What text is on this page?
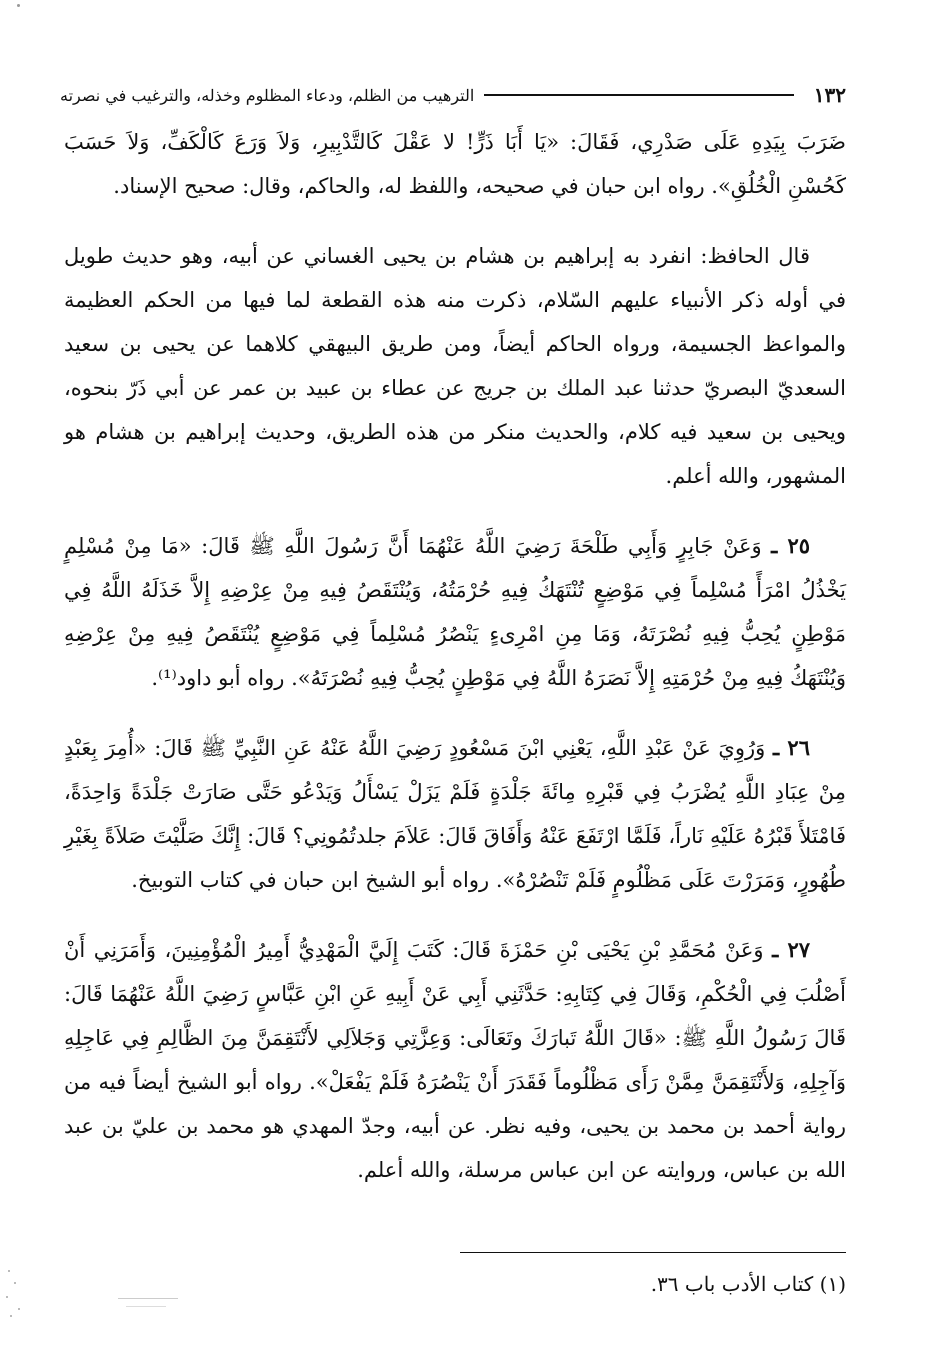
١٣٢
الترهيب من الظلم، ودعاء المظلوم وخذله، والترغيب في نصرته

ضَرَبَ بِيَدِهِ عَلَى صَدْرِي، فَقَالَ: «يَا أَبَا ذَرٍّ! لا عَقْلَ كَالتَّدْبِيرِ، وَلاَ وَرَعَ كَالْكَفِّ، وَلاَ حَسَبَ كَحُسْنِ الْخُلُقِ». رواه ابن حبان في صحيحه، واللفظ له، والحاكم، وقال: صحيح الإسناد.

قال الحافظ: انفرد به إبراهيم بن هشام بن يحيى الغساني عن أبيه، وهو حديث طويل في أوله ذكر الأنبياء عليهم السّلام، ذكرت منه هذه القطعة لما فيها من الحكم العظيمة والمواعظ الجسيمة، ورواه الحاكم أيضاً، ومن طريق البيهقي كلاهما عن يحيى بن سعيد السعديّ البصريّ حدثنا عبد الملك بن جريج عن عطاء بن عبيد بن عمر عن أبي ذَرّ بنحوه، ويحيى بن سعيد فيه كلام، والحديث منكر من هذه الطريق، وحديث إبراهيم بن هشام هو المشهور، والله أعلم.

٢٥ ـ وَعَنْ جَابِرٍ وَأَبِي طَلْحَةَ رَضِيَ اللَّهُ عَنْهُمَا أَنَّ رَسُولَ اللَّهِ ﷺ قَالَ: «مَا مِنْ مُسْلِمٍ يَخْذُلُ امْرَأً مُسْلِماً فِي مَوْضِعٍ تُنْتَهَكُ فِيهِ حُرْمَتُهُ، وَيُنْتَقَصُ فِيهِ مِنْ عِرْضِهِ إِلاَّ خَذَلَهُ اللَّهُ فِي مَوْطِنٍ يُحِبُّ فِيهِ نُصْرَتَهُ، وَمَا مِنِ امْرِىءٍ يَنْصُرُ مُسْلِماً فِي مَوْضِعٍ يُنْتَقَصُ فِيهِ مِنْ عِرْضِهِ وَيُنْتَهَكُ فِيهِ مِنْ حُرْمَتِهِ إِلاَّ نَصَرَهُ اللَّهُ فِي مَوْطِنٍ يُحِبُّ فِيهِ نُصْرَتَهُ». رواه أبو داود⁽¹⁾.

٢٦ ـ وَرُوِيَ عَنْ عَبْدِ اللَّهِ، يَعْنِي ابْنَ مَسْعُودٍ رَضِيَ اللَّهُ عَنْهُ عَنِ النَّبِيِّ ﷺ قَالَ: «أُمِرَ بِعَبْدٍ مِنْ عِبَادِ اللَّهِ يُضْرَبُ فِي قَبْرِهِ مِائَةَ جَلْدَةٍ فَلَمْ يَزَلْ يَسْأَلُ وَيَدْعُو حَتَّى صَارَتْ جَلْدَةً وَاحِدَةً، فَامْتَلأَ قَبْرُهُ عَلَيْهِ نَاراً، فَلَمَّا ارْتَفَعَ عَنْهُ وَأَفَاقَ قَالَ: عَلاَمَ جلدتُمُونِي؟ قَالَ: إِنَّكَ صَلَّيْتَ صَلاَةً بِغَيْرِ طُهُورٍ، وَمَرَرْتَ عَلَى مَظْلُومٍ فَلَمْ تَنْصُرْهُ». رواه أبو الشيخ ابن حبان في كتاب التوبيخ.

٢٧ ـ وَعَنْ مُحَمَّدِ بْنِ يَحْيَى بْنِ حَمْزَةَ قَالَ: كَتَبَ إِلَيَّ الْمَهْدِيُّ أَمِيرُ الْمُؤْمِنِينَ، وَأَمَرَنِي أَنْ أَصْلُبَ فِي الْحُكْمِ، وَقَالَ فِي كِتَابِهِ: حَدَّثَنِي أَبِي عَنْ أَبِيهِ عَنِ ابْنِ عَبَّاسٍ رَضِيَ اللَّهُ عَنْهُمَا قَالَ: قَالَ رَسُولُ اللَّهِ ﷺ: «قَالَ اللَّهُ تَبارَكَ وتَعَالَى: وَعِزَّتِي وَجَلاَلِي لأَنْتَقِمَنَّ مِنَ الظَّالِمِ فِي عَاجِلِهِ وَآجِلِهِ، وَلأَنْتَقِمَنَّ مِمَّنْ رَأَى مَظْلُوماً فَقَدَرَ أَنْ يَنْصُرَهُ فَلَمْ يَفْعَلْ». رواه أبو الشيخ أيضاً فيه من رواية أحمد بن محمد بن يحيى، وفيه نظر. عن أبيه، وجدّ المهدي هو محمد بن عليّ بن عبد الله بن عباس، وروايته عن ابن عباس مرسلة، والله أعلم.

(١) كتاب الأدب باب ٣٦.
